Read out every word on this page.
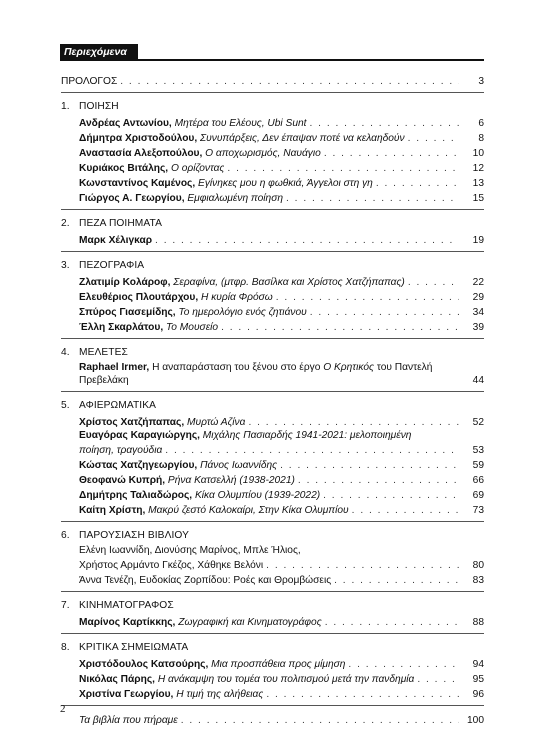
Περιεχόμενα
ΠΡΟΛΟΓΟΣ . . .	3
1. ΠΟΙΗΣΗ
Ανδρέας Αντωνίου, Μητέρα του Ελέους, Ubi Sunt . . .	6
Δήμητρα Χριστοδούλου, Συνυπάρξεις, Δεν έπαψαν ποτέ να κελαηδούν . . .	8
Αναστασία Αλεξοπούλου, Ο αποχωρισμός, Ναυάγιο . . .	10
Κυριάκος Βιτάλης, Ο ορίζοντας . . .	12
Κωνσταντίνος Καμένος, Εγίνηκες μου η φωθκιά, Άγγελοι στη γη . . .	13
Γιώργος Α. Γεωργίου, Εμφιαλωμένη ποίηση . . .	15
2. ΠΕΖΑ ΠΟΙΗΜΑΤΑ
Μαρκ Χέλιγκαρ . . .	19
3. ΠΕΖΟΓΡΑΦΙΑ
Ζλατιμίρ Κολάροφ, Σεραφίνα, (μτφρ. Βασίλκα και Χρίστος Χατζήπαπας) . . .	22
Ελευθέριος Πλουτάρχου, Η κυρία Φρόσω . . .	29
Σπύρος Γιασεμίδης, Το ημερολόγιο ενός ζητιάνου . . .	34
Έλλη Σκαρλάτου, Το Μουσείο . . .	39
4. ΜΕΛΕΤΕΣ
Raphael Irmer, Η αναπαράσταση του ξένου στο έργο Ο Κρητικός του Παντελή
Πρεβελάκη	44
5. ΑΦΙΕΡΩΜΑΤΙΚΑ
Χρίστος Χατζήπαπας, Μυρτώ Αζίνα . . .	52
Ευαγόρας Καραγιώργης, Μιχάλης Πασιαρδής 1941-2021: μελοποιημένη
ποίηση, τραγούδια . . .	53
Κώστας Χατζηγεωργίου, Πάνος Ιωαννίδης . . .	59
Θεοφανώ Κυπρή, Ρήνα Κατσελλή (1938-2021) . . .	66
Δημήτρης Ταλιαδώρος, Κίκα Ολυμπίου (1939-2022) . . .	69
Καίτη Χρίστη, Μακρύ ζεστό Καλοκαίρι, Στην Κίκα Ολυμπίου . . .	73
6. ΠΑΡΟΥΣΙΑΣΗ ΒΙΒΛΙΟΥ
Ελένη Ιωαννίδη, Διονύσης Μαρίνος, Μπλε Ήλιος,
Χρήστος Αρμάντο Γκέζος, Χάθηκε Βελόνι . . .	80
Άννα Τενέζη, Ευδοκίας Ζορπίδου: Ροές και Θρομβώσεις . . .	83
7. ΚΙΝΗΜΑΤΟΓΡΑΦΟΣ
Μαρίνος Καρτίκκης, Ζωγραφική και Κινηματογράφος . . .	88
8. ΚΡΙΤΙΚΑ ΣΗΜΕΙΩΜΑΤΑ
Χριστόδουλος Κατσούρης, Μια προσπάθεια προς μίμηση . . .	94
Νικόλας Πάρης, Η ανάκαμψη του τομέα του πολιτισμού μετά την πανδημία . . .	95
Χριστίνα Γεωργίου, Η τιμή της αλήθειας . . .	96
Τα βιβλία που πήραμε . . .	100
2
